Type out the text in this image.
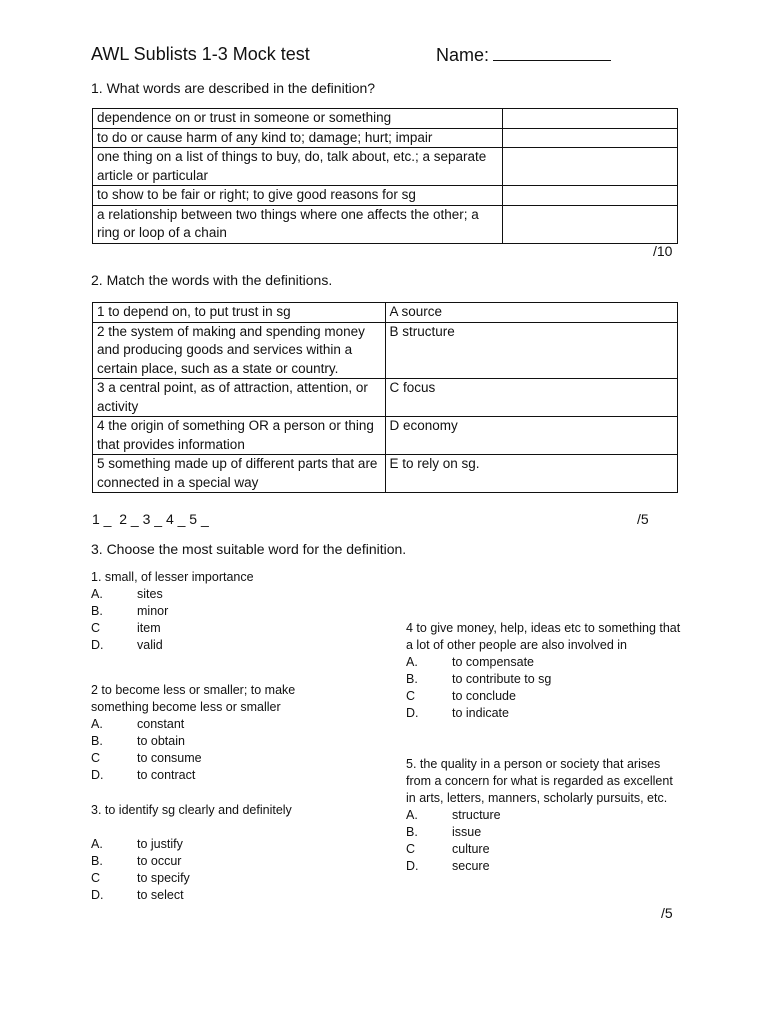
AWL Sublists 1-3 Mock test	Name:
1. What words are described in the definition?
dependence on or trust in someone or something	
to do or cause harm of any kind to; damage; hurt; impair	
one thing on a list of things to buy, do, talk about, etc.; a separate article or particular	
to show to be fair or right; to give good reasons for sg	
a relationship between two things where one affects the other; a ring or loop of a chain	
/10
2. Match the words with the definitions.
1 to depend on, to put trust in sg	A source
2 the system of making and spending money and producing goods and services within a certain place, such as a state or country.	B structure
3 a central point, as of attraction, attention, or activity	C focus
4 the origin of something OR a person or thing that provides information	D economy
5 something made up of different parts that are connected in a special way	E to rely on sg.
1 _  2 _ 3 _ 4 _ 5 _	/5
3. Choose the most suitable word for the definition.
1. small, of lesser importance
A.	sites
B.	minor
C	item
D.	valid
2 to become less or smaller; to make something become less or smaller
A.	constant
B.	to obtain
C	to consume
D.	to contract
3. to identify sg clearly and definitely
A.	to justify
B.	to occur
C	to specify
D.	to select
4 to give money, help, ideas etc to something that a lot of other people are also involved in
A.	to compensate
B.	to contribute to sg
C	to conclude
D.	to indicate
5. the quality in a person or society that arises from a concern for what is regarded as excellent in arts, letters, manners, scholarly pursuits, etc.
A.	structure
B.	issue
C	culture
D.	secure
/5
